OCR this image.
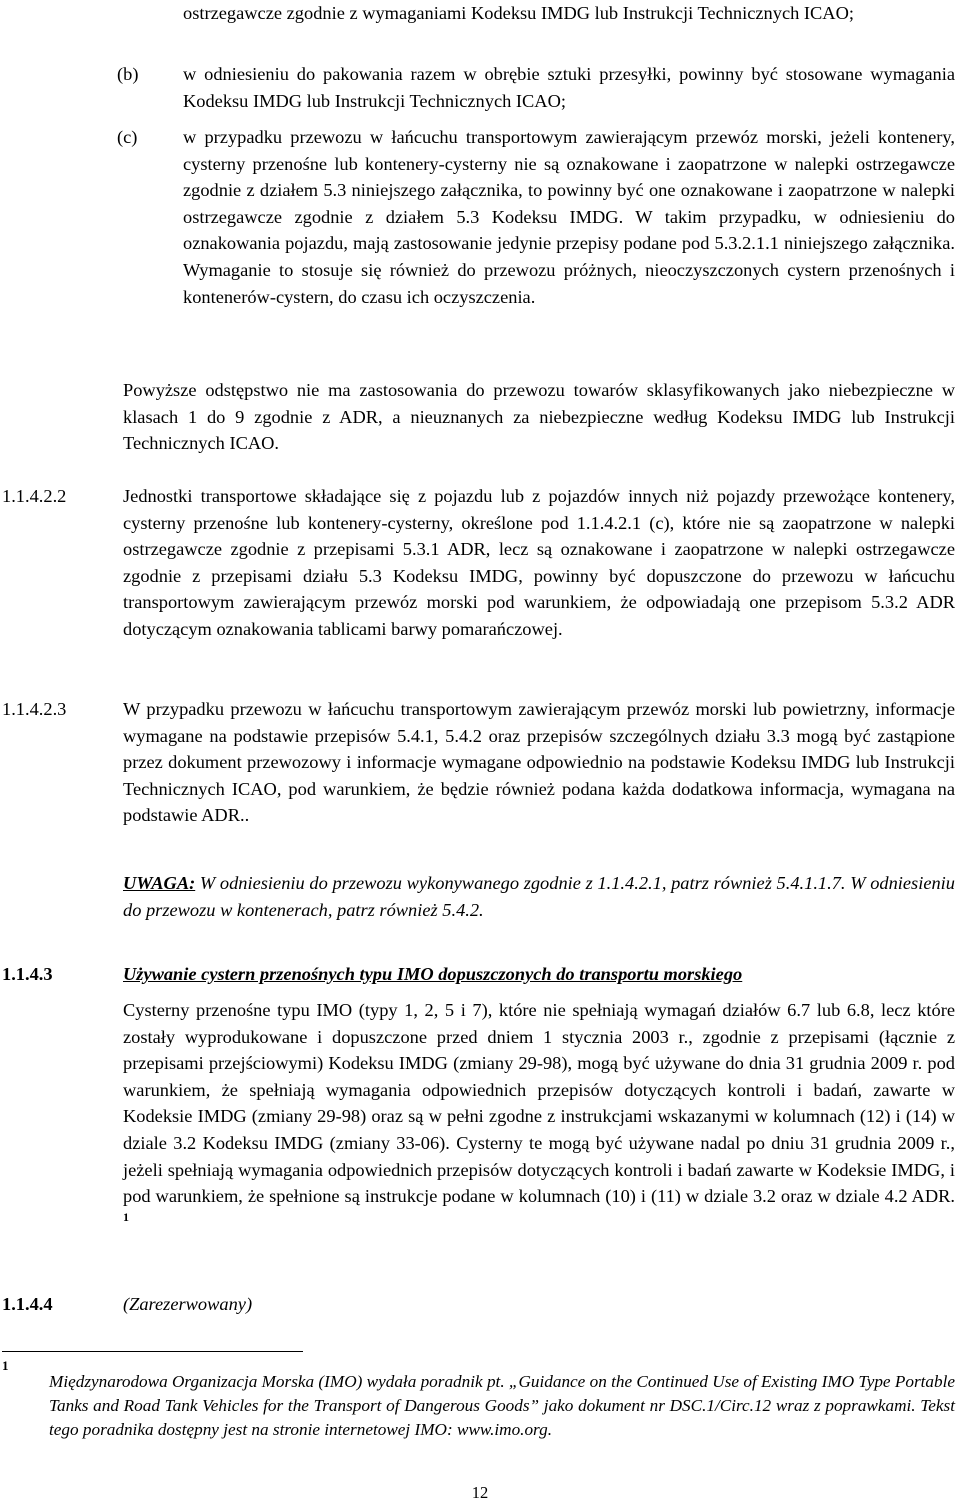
ostrzegawcze zgodnie z wymaganiami Kodeksu IMDG lub Instrukcji Technicznych ICAO;

(b) w odniesieniu do pakowania razem w obrębie sztuki przesyłki, powinny być stosowane wymagania Kodeksu IMDG lub Instrukcji Technicznych ICAO;

(c) w przypadku przewozu w łańcuchu transportowym zawierającym przewóz morski, jeżeli kontenery, cysterny przenośne lub kontenery-cysterny nie są oznakowane i zaopatrzone w nalepki ostrzegawcze zgodnie z działem 5.3 niniejszego załącznika, to powinny być one oznakowane i zaopatrzone w nalepki ostrzegawcze zgodnie z działem 5.3 Kodeksu IMDG. W takim przypadku, w odniesieniu do oznakowania pojazdu, mają zastosowanie jedynie przepisy podane pod 5.3.2.1.1 niniejszego załącznika. Wymaganie to stosuje się również do przewozu próżnych, nieoczyszczonych cystern przenośnych i kontenerów-cystern, do czasu ich oczyszczenia.

Powyższe odstępstwo nie ma zastosowania do przewozu towarów sklasyfikowanych jako niebezpieczne w klasach 1 do 9 zgodnie z ADR, a nieuznanych za niebezpieczne według Kodeksu IMDG lub Instrukcji Technicznych ICAO.

1.1.4.2.2	Jednostki transportowe składające się z pojazdu lub z pojazdów innych niż pojazdy przewożące kontenery, cysterny przenośne lub kontenery-cysterny, określone pod 1.1.4.2.1 (c), które nie są zaopatrzone w nalepki ostrzegawcze zgodnie z przepisami 5.3.1 ADR, lecz są oznakowane i zaopatrzone w nalepki ostrzegawcze zgodnie z przepisami działu 5.3 Kodeksu IMDG, powinny być dopuszczone do przewozu w łańcuchu transportowym zawierającym przewóz morski pod warunkiem, że odpowiadają one przepisom 5.3.2 ADR dotyczącym oznakowania tablicami barwy pomarańczowej.

1.1.4.2.3	W przypadku przewozu w łańcuchu transportowym zawierającym przewóz morski lub powietrzny, informacje wymagane na podstawie przepisów 5.4.1, 5.4.2 oraz przepisów szczególnych działu 3.3 mogą być zastąpione przez dokument przewozowy i informacje wymagane odpowiednio na podstawie Kodeksu IMDG lub Instrukcji Technicznych ICAO, pod warunkiem, że będzie również podana każda dodatkowa informacja, wymagana na podstawie ADR..

UWAGA: W odniesieniu do przewozu wykonywanego zgodnie z 1.1.4.2.1, patrz również 5.4.1.1.7. W odniesieniu do przewozu w kontenerach, patrz również 5.4.2.

1.1.4.3	Używanie cystern przenośnych typu IMO dopuszczonych do transportu morskiego

Cysterny przenośne typu IMO (typy 1, 2, 5 i 7), które nie spełniają wymagań działów 6.7 lub 6.8, lecz które zostały wyprodukowane i dopuszczone przed dniem 1 stycznia 2003 r., zgodnie z przepisami (łącznie z przepisami przejściowymi) Kodeksu IMDG (zmiany 29-98), mogą być używane do dnia 31 grudnia 2009 r. pod warunkiem, że spełniają wymagania odpowiednich przepisów dotyczących kontroli i badań, zawarte w Kodeksie IMDG (zmiany 29-98) oraz są w pełni zgodne z instrukcjami wskazanymi w kolumnach (12) i (14) w dziale 3.2 Kodeksu IMDG (zmiany 33-06). Cysterny te mogą być używane nadal po dniu 31 grudnia 2009 r., jeżeli spełniają wymagania odpowiednich przepisów dotyczących kontroli i badań zawarte w Kodeksie IMDG, i pod warunkiem, że spełnione są instrukcje podane w kolumnach (10) i (11) w dziale 3.2 oraz w dziale 4.2 ADR. $^1$

1.1.4.4	(Zarezerwowany)
1

Międzynarodowa Organizacja Morska (IMO) wydała poradnik pt. „Guidance on the Continued Use of Existing IMO Type Portable Tanks and Road Tank Vehicles for the Transport of Dangerous Goods” jako dokument nr DSC.1/Circ.12 wraz z poprawkami. Tekst tego poradnika dostępny jest na stronie internetowej IMO: www.imo.org.

12
